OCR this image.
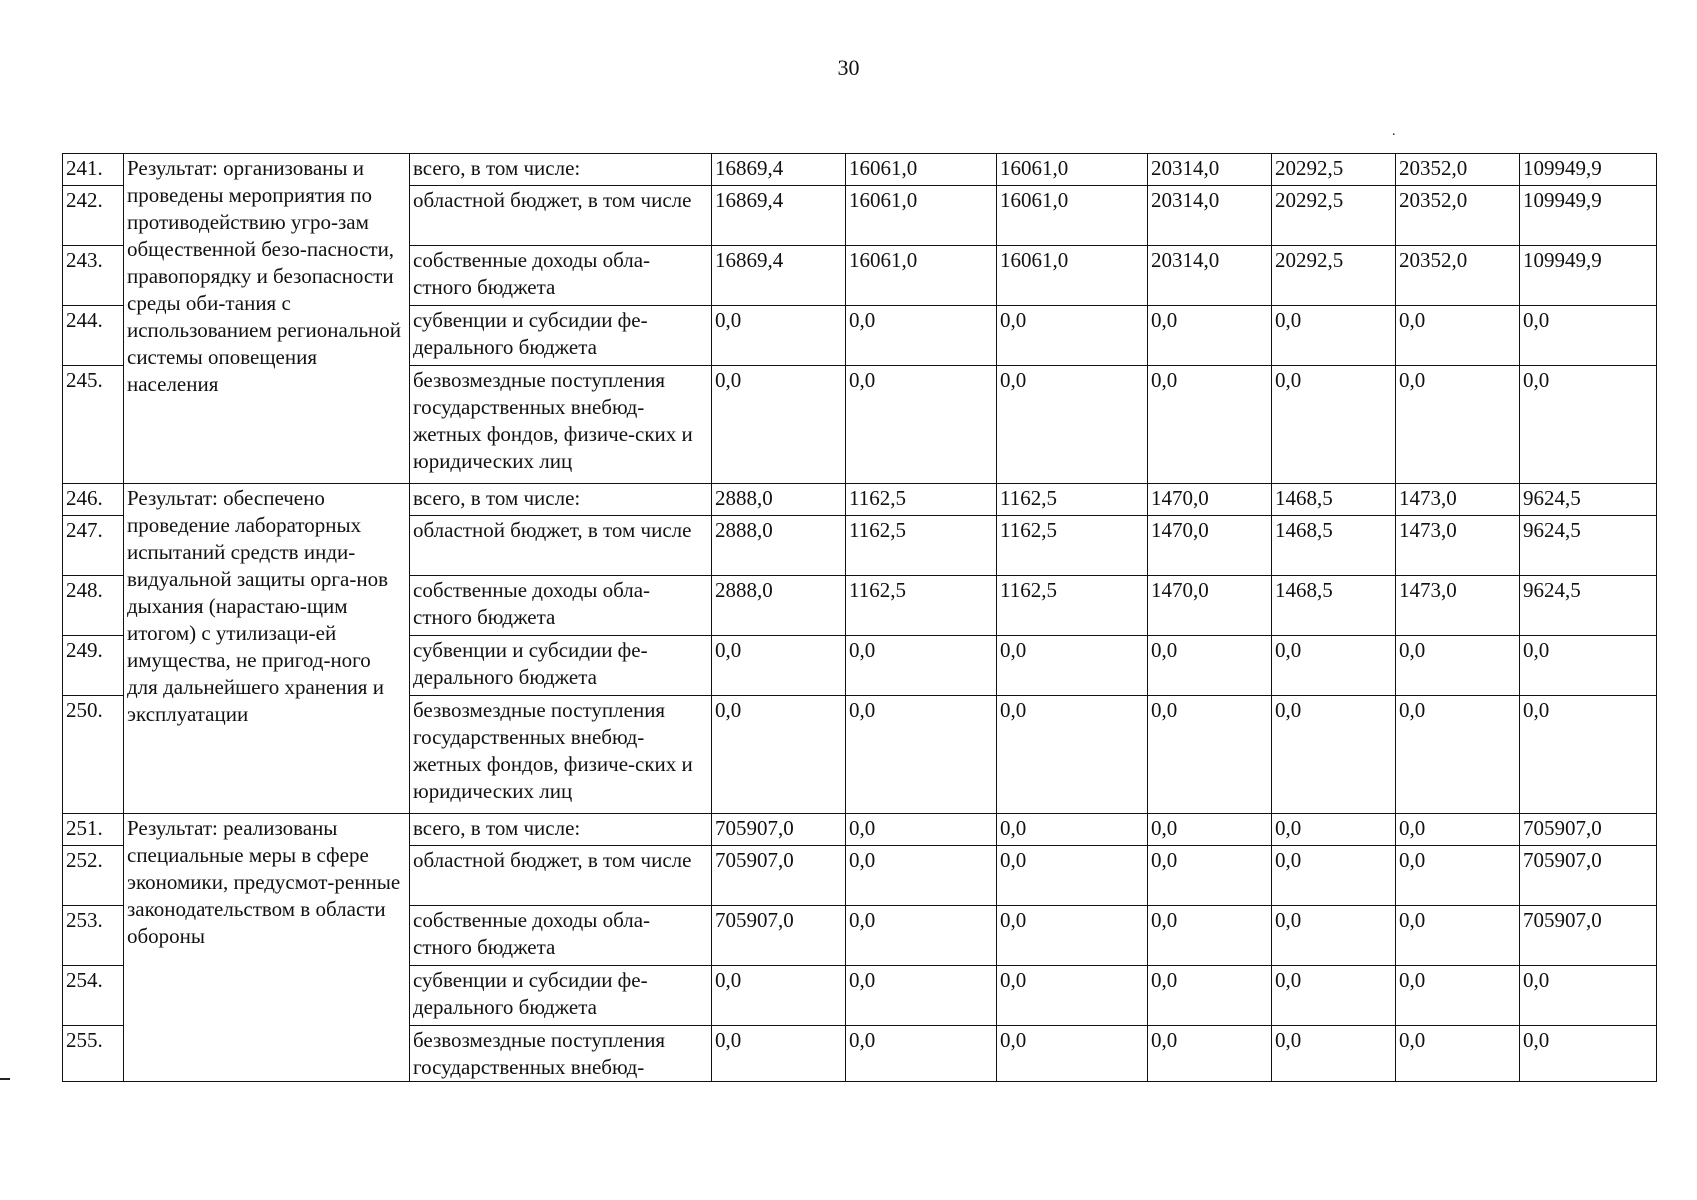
30
.
241.	Результат: организованы и проведены мероприятия по противодействию угро-зам общественной безо-пасности, правопорядку и безопасности среды оби-тания с использованием региональной системы оповещения населения	всего, в том числе:	16869,4	16061,0	16061,0	20314,0	20292,5	20352,0	109949,9
242.		областной бюджет, в том числе	16869,4	16061,0	16061,0	20314,0	20292,5	20352,0	109949,9
243.		собственные доходы обла-стного бюджета	16869,4	16061,0	16061,0	20314,0	20292,5	20352,0	109949,9
244.		субвенции и субсидии фе-дерального бюджета	0,0	0,0	0,0	0,0	0,0	0,0	0,0
245.		безвозмездные поступления государственных внебюд-жетных фондов, физиче-ских и юридических лиц	0,0	0,0	0,0	0,0	0,0	0,0	0,0
246.	Результат: обеспечено проведение лабораторных испытаний средств инди-видуальной защиты орга-нов дыхания (нарастаю-щим итогом) с утилизаци-ей имущества, не пригод-ного для дальнейшего хранения и эксплуатации	всего, в том числе:	2888,0	1162,5	1162,5	1470,0	1468,5	1473,0	9624,5
247.		областной бюджет, в том числе	2888,0	1162,5	1162,5	1470,0	1468,5	1473,0	9624,5
248.		собственные доходы обла-стного бюджета	2888,0	1162,5	1162,5	1470,0	1468,5	1473,0	9624,5
249.		субвенции и субсидии фе-дерального бюджета	0,0	0,0	0,0	0,0	0,0	0,0	0,0
250.		безвозмездные поступления государственных внебюд-жетных фондов, физиче-ских и юридических лиц	0,0	0,0	0,0	0,0	0,0	0,0	0,0
251.	Результат: реализованы специальные меры в сфере экономики, предусмот-ренные законодательством в области обороны	всего, в том числе:	705907,0	0,0	0,0	0,0	0,0	0,0	705907,0
252.		областной бюджет, в том числе	705907,0	0,0	0,0	0,0	0,0	0,0	705907,0
253.		собственные доходы обла-стного бюджета	705907,0	0,0	0,0	0,0	0,0	0,0	705907,0
254.		субвенции и субсидии фе-дерального бюджета	0,0	0,0	0,0	0,0	0,0	0,0	0,0
255.		безвозмездные поступления государственных внебюд-	0,0	0,0	0,0	0,0	0,0	0,0	0,0
